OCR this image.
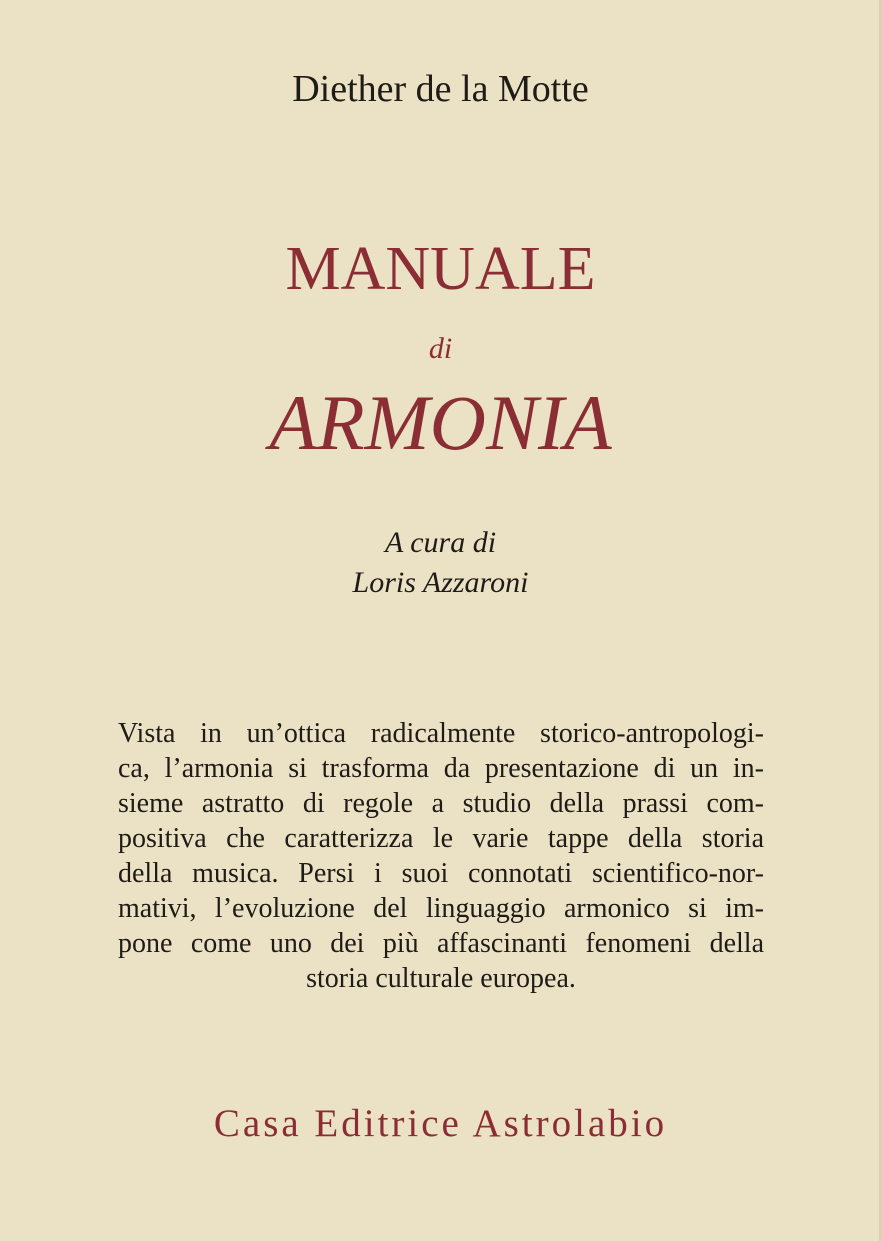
Diether de la Motte
MANUALE
di
ARMONIA
A cura di
Loris Azzaroni
Vista in un’ottica radicalmente storico-antropologi-
ca, l’armonia si trasforma da presentazione di un in-
sieme astratto di regole a studio della prassi com-
positiva che caratterizza le varie tappe della storia
della musica. Persi i suoi connotati scientifico-nor-
mativi, l’evoluzione del linguaggio armonico si im-
pone come uno dei più affascinanti fenomeni della
storia culturale europea.
Casa Editrice Astrolabio
